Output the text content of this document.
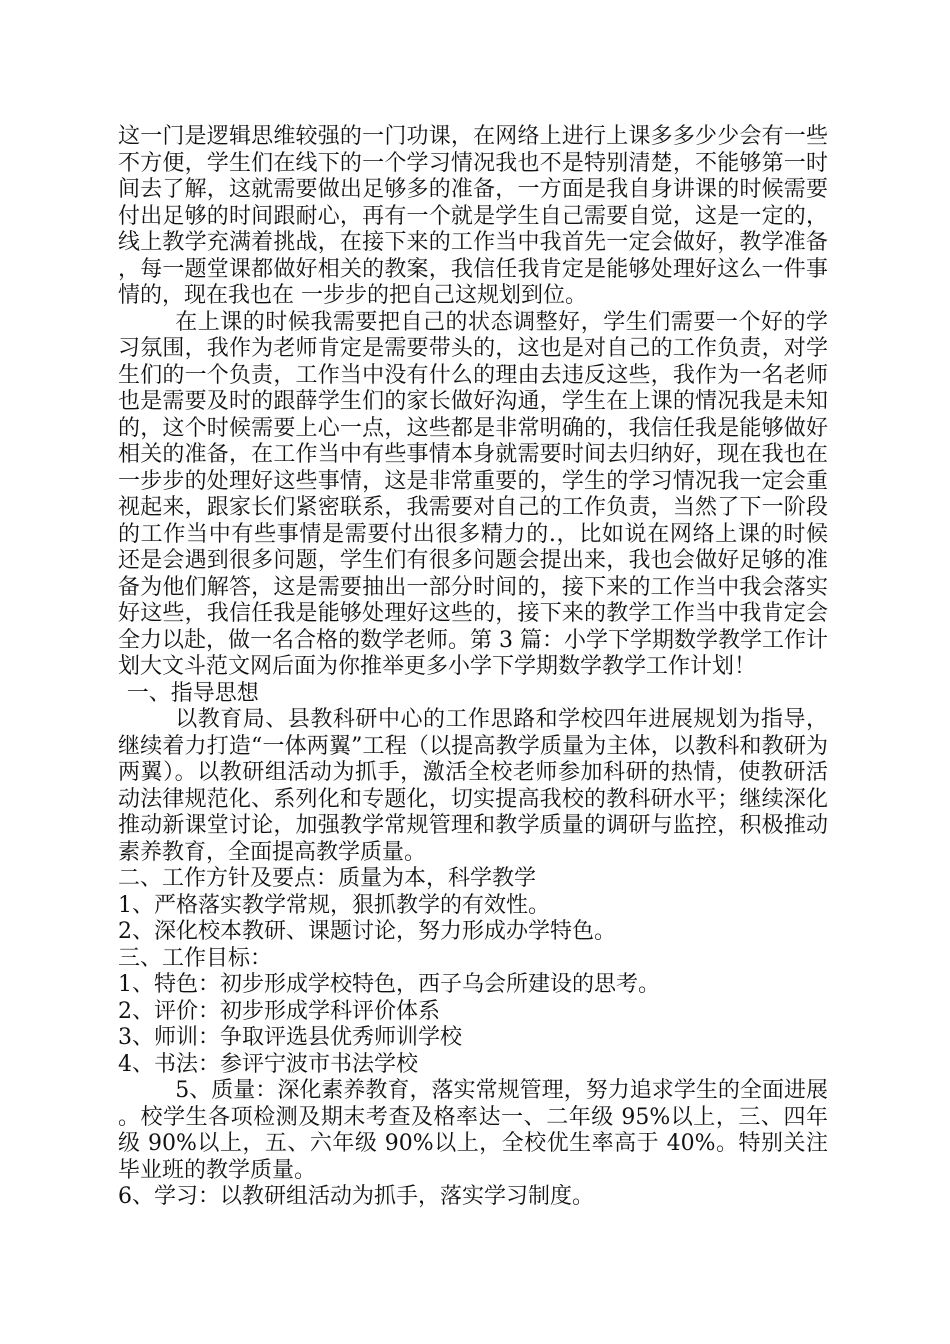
这一门是逻辑思维较强的一门功课，在网络上进行上课多多少少会有一些不方便，学生们在线下的一个学习情况我也不是特别清楚，不能够第一时间去了解，这就需要做出足够多的准备，一方面是我自身讲课的时候需要付出足够的时间跟耐心，再有一个就是学生自己需要自觉，这是一定的，线上教学充满着挑战，在接下来的工作当中我首先一定会做好，教学准备，每一题堂课都做好相关的教案，我信任我肯定是能够处理好这么一件事情的，现在我也在 一步步的把自己这规划到位。

在上课的时候我需要把自己的状态调整好，学生们需要一个好的学习氛围，我作为老师肯定是需要带头的，这也是对自己的工作负责，对学生们的一个负责，工作当中没有什么的理由去违反这些，我作为一名老师也是需要及时的跟薛学生们的家长做好沟通，学生在上课的情况我是未知的，这个时候需要上心一点，这些都是非常明确的，我信任我是能够做好相关的准备，在工作当中有些事情本身就需要时间去归纳好，现在我也在一步步的处理好这些事情，这是非常重要的，学生的学习情况我一定会重视起来，跟家长们紧密联系，我需要对自己的工作负责，当然了下一阶段的工作当中有些事情是需要付出很多精力的.，比如说在网络上课的时候还是会遇到很多问题，学生们有很多问题会提出来，我也会做好足够的准备为他们解答，这是需要抽出一部分时间的，接下来的工作当中我会落实好这些，我信任我是能够处理好这些的，接下来的教学工作当中我肯定会全力以赴，做一名合格的数学老师。第 3 篇：小学下学期数学教学工作计划大文斗范文网后面为你推举更多小学下学期数学教学工作计划！

一、指导思想

以教育局、县教科研中心的工作思路和学校四年进展规划为指导，继续着力打造“一体两翼”工程（以提高教学质量为主体，以教科和教研为两翼）。以教研组活动为抓手，激活全校老师参加科研的热情，使教研活动法律规范化、系列化和专题化，切实提高我校的教科研水平；继续深化推动新课堂讨论，加强教学常规管理和教学质量的调研与监控，积极推动素养教育，全面提高教学质量。

二、工作方针及要点：质量为本，科学教学

1、严格落实教学常规，狠抓教学的有效性。

2、深化校本教研、课题讨论，努力形成办学特色。

三、工作目标：

1、特色：初步形成学校特色，西子乌会所建设的思考。

2、评价：初步形成学科评价体系

3、师训：争取评选县优秀师训学校

4、书法：参评宁波市书法学校

5、质量：深化素养教育，落实常规管理，努力追求学生的全面进展。校学生各项检测及期末考查及格率达一、二年级 95%以上，三、四年级 90%以上，五、六年级 90%以上，全校优生率高于 40%。特别关注毕业班的教学质量。

6、学习：以教研组活动为抓手，落实学习制度。
